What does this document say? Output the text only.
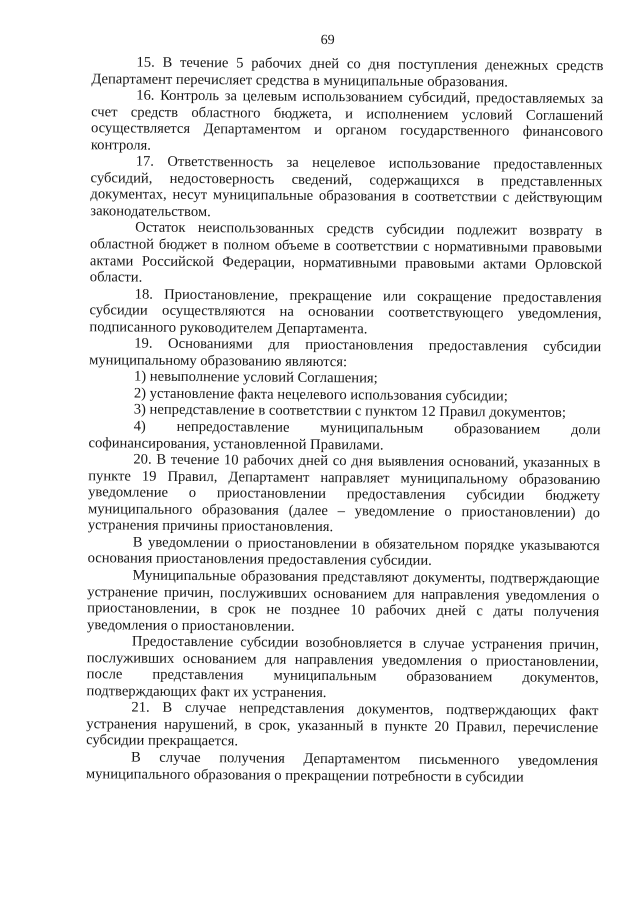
69

15. В течение 5 рабочих дней со дня поступления денежных средств Департамент перечисляет средства в муниципальные образования.

16. Контроль за целевым использованием субсидий, предоставляемых за счет средств областного бюджета, и исполнением условий Соглашений осуществляется Департаментом и органом государственного финансового контроля.

17. Ответственность за нецелевое использование предоставленных субсидий, недостоверность сведений, содержащихся в представленных документах, несут муниципальные образования в соответствии с действующим законодательством.

Остаток неиспользованных средств субсидии подлежит возврату в областной бюджет в полном объеме в соответствии с нормативными правовыми актами Российской Федерации, нормативными правовыми актами Орловской области.

18. Приостановление, прекращение или сокращение предоставления субсидии осуществляются на основании соответствующего уведомления, подписанного руководителем Департамента.

19. Основаниями для приостановления предоставления субсидии муниципальному образованию являются:

1) невыполнение условий Соглашения;

2) установление факта нецелевого использования субсидии;

3) непредставление в соответствии с пунктом 12 Правил документов;

4) непредоставление муниципальным образованием доли софинансирования, установленной Правилами.

20. В течение 10 рабочих дней со дня выявления оснований, указанных в пункте 19 Правил, Департамент направляет муниципальному образованию уведомление о приостановлении предоставления субсидии бюджету муниципального образования (далее – уведомление о приостановлении) до устранения причины приостановления.

В уведомлении о приостановлении в обязательном порядке указываются основания приостановления предоставления субсидии.

Муниципальные образования представляют документы, подтверждающие устранение причин, послуживших основанием для направления уведомления о приостановлении, в срок не позднее 10 рабочих дней с даты получения уведомления о приостановлении.

Предоставление субсидии возобновляется в случае устранения причин, послуживших основанием для направления уведомления о приостановлении, после представления муниципальным образованием документов, подтверждающих факт их устранения.

21. В случае непредставления документов, подтверждающих факт устранения нарушений, в срок, указанный в пункте 20 Правил, перечисление субсидии прекращается.

В случае получения Департаментом письменного уведомления муниципального образования о прекращении потребности в субсидии
